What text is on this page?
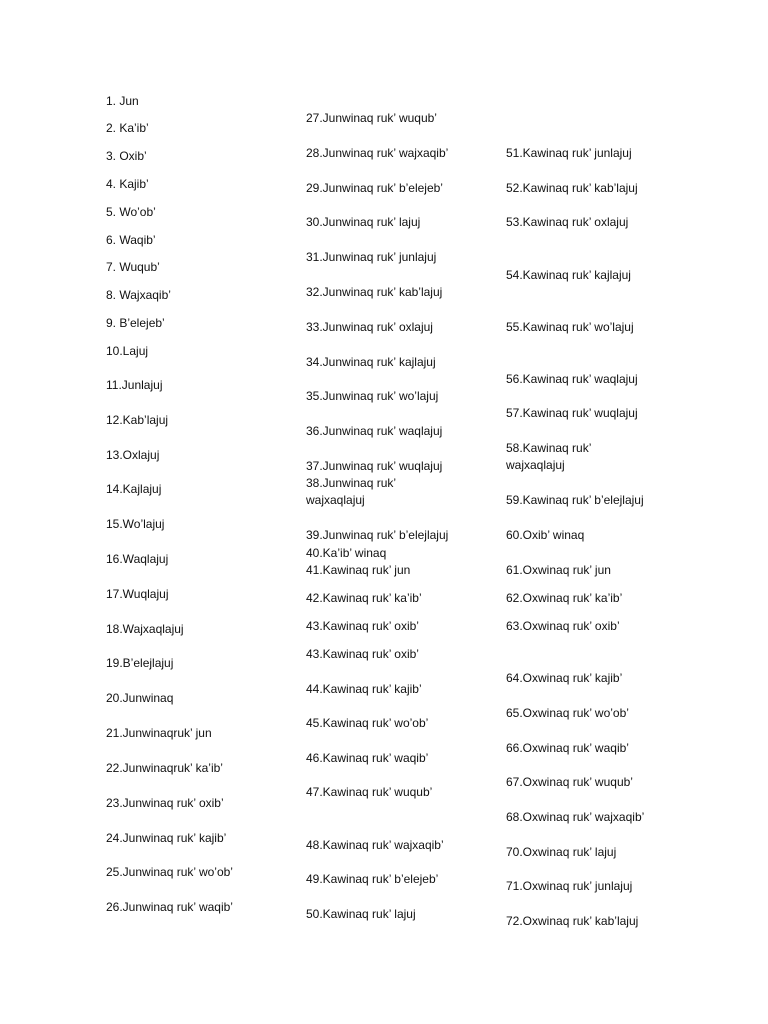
1. Jun
2. Ka’ib’
3. Oxib’
4. Kajib’
5. Wo’ob’
6. Waqib’
7. Wuqub’
8. Wajxaqib’
9. B’elejeb’
10.Lajuj
11.Junlajuj
12.Kab’lajuj
13.Oxlajuj
14.Kajlajuj
15.Wo’lajuj
16.Waqlajuj
17.Wuqlajuj
18.Wajxaqlajuj
19.B’elejlajuj
20.Junwinaq
21.Junwinaqruk’ jun
22.Junwinaqruk’ ka’ib’
23.Junwinaq ruk’ oxib’
24.Junwinaq ruk’ kajib’
25.Junwinaq ruk’ wo’ob’
26.Junwinaq ruk’ waqib’
27.Junwinaq ruk’ wuqub’
28.Junwinaq ruk’ wajxaqib’
29.Junwinaq ruk’ b’elejeb’
30.Junwinaq ruk’ lajuj
31.Junwinaq ruk’ junlajuj
32.Junwinaq ruk’ kab’lajuj
33.Junwinaq ruk’ oxlajuj
34.Junwinaq ruk’ kajlajuj
35.Junwinaq ruk’ wo’lajuj
36.Junwinaq ruk’ waqlajuj
37.Junwinaq ruk’ wuqlajuj
38.Junwinaq ruk’ wajxaqlajuj
39.Junwinaq ruk’ b’elejlajuj
40.Ka’ib’ winaq
41.Kawinaq ruk’ jun
42.Kawinaq ruk’ ka’ib’
43.Kawinaq ruk’ oxib’
43.Kawinaq ruk’ oxib’
44.Kawinaq ruk’ kajib’
45.Kawinaq ruk’ wo’ob’
46.Kawinaq ruk’ waqib’
47.Kawinaq ruk’ wuqub’
48.Kawinaq ruk’ wajxaqib’
49.Kawinaq ruk’ b’elejeb’
50.Kawinaq ruk’ lajuj
51.Kawinaq ruk’ junlajuj
52.Kawinaq ruk’ kab’lajuj
53.Kawinaq ruk’ oxlajuj
54.Kawinaq ruk’ kajlajuj
55.Kawinaq ruk’ wo’lajuj
56.Kawinaq ruk’ waqlajuj
57.Kawinaq ruk’ wuqlajuj
58.Kawinaq ruk’ wajxaqlajuj
59.Kawinaq ruk’ b’elejlajuj
60.Oxib’ winaq
61.Oxwinaq ruk’ jun
62.Oxwinaq ruk’ ka’ib’
63.Oxwinaq ruk’ oxib’
64.Oxwinaq ruk’ kajib’
65.Oxwinaq ruk’ wo’ob’
66.Oxwinaq ruk’ waqib’
67.Oxwinaq ruk’ wuqub’
68.Oxwinaq ruk’ wajxaqib’
70.Oxwinaq ruk’ lajuj
71.Oxwinaq ruk’ junlajuj
72.Oxwinaq ruk’ kab’lajuj
